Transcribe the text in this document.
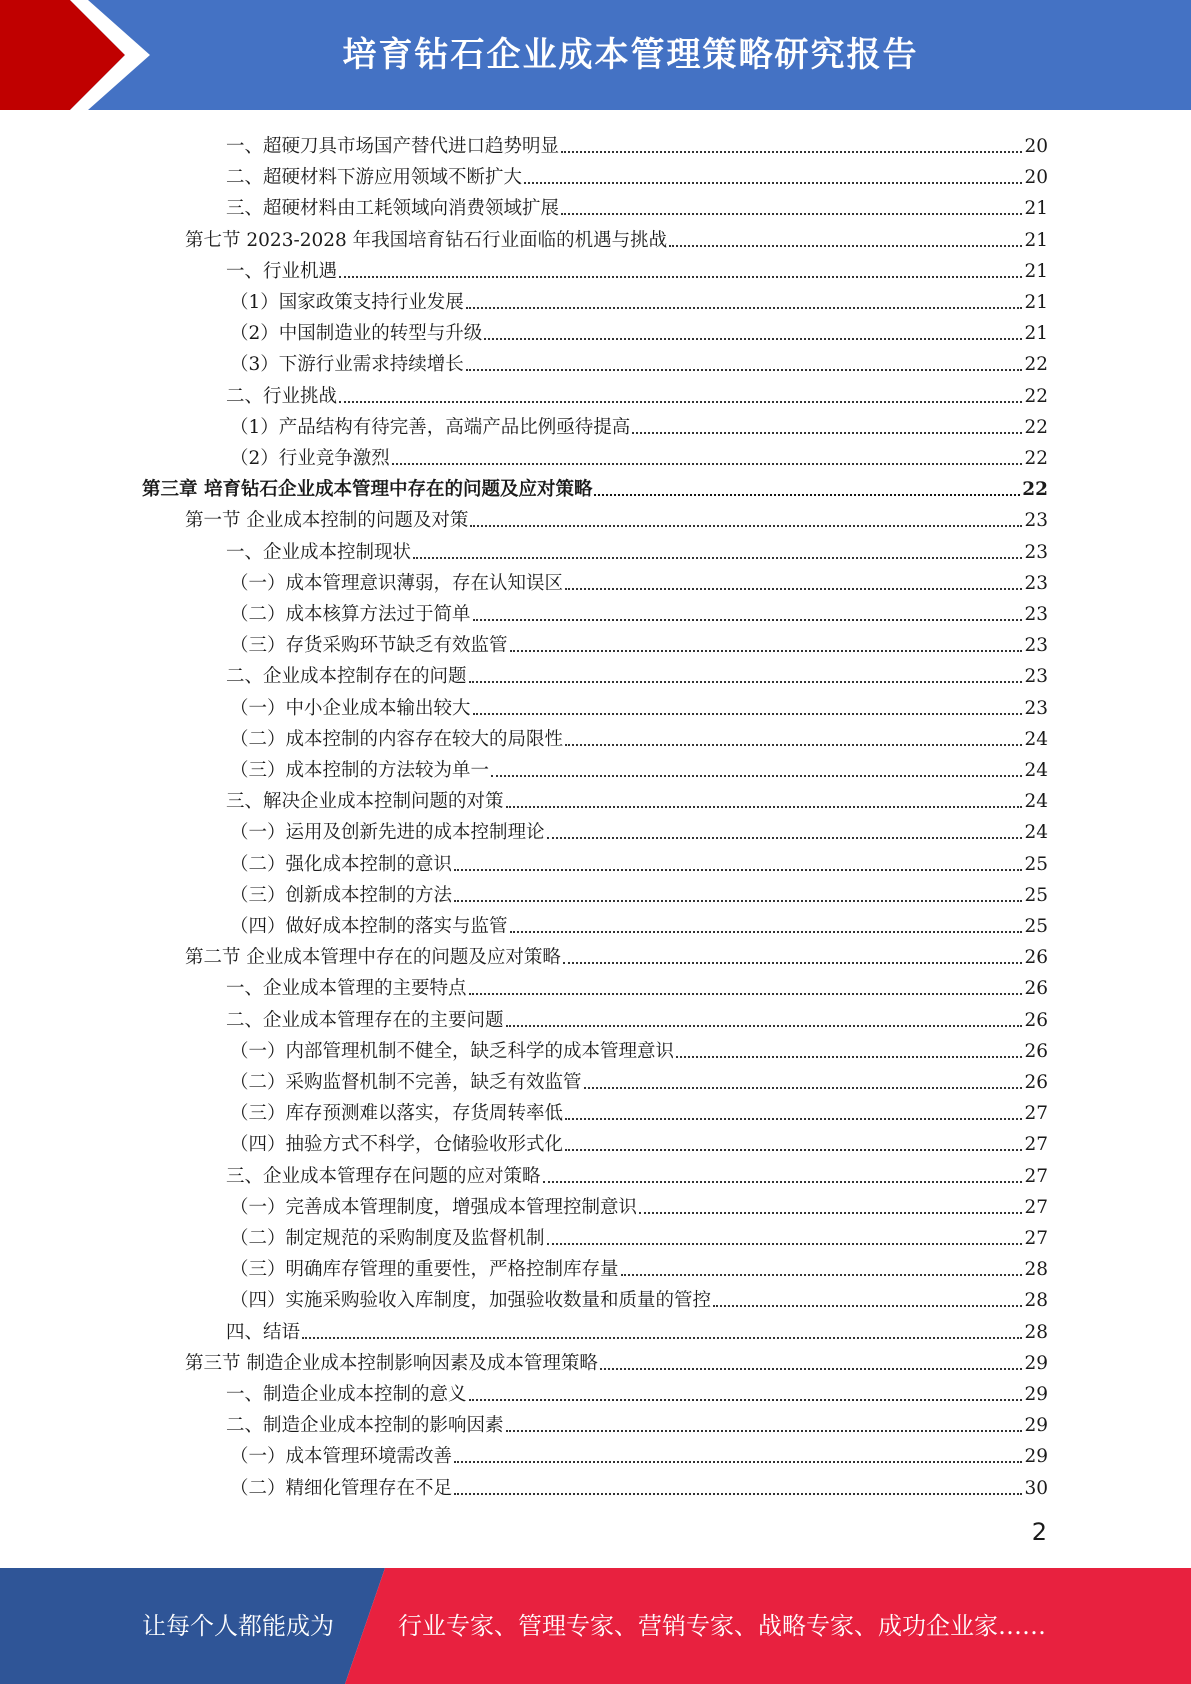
培育钻石企业成本管理策略研究报告
一、超硬刀具市场国产替代进口趋势明显	20
二、超硬材料下游应用领域不断扩大	20
三、超硬材料由工耗领域向消费领域扩展	21
第七节 2023-2028 年我国培育钻石行业面临的机遇与挑战	21
一、行业机遇	21
（1）国家政策支持行业发展	21
（2）中国制造业的转型与升级	21
（3）下游行业需求持续增长	22
二、行业挑战	22
（1）产品结构有待完善，高端产品比例亟待提高	22
（2）行业竞争激烈	22
第三章 培育钻石企业成本管理中存在的问题及应对策略	22
第一节 企业成本控制的问题及对策	23
一、企业成本控制现状	23
（一）成本管理意识薄弱，存在认知误区	23
（二）成本核算方法过于简单	23
（三）存货采购环节缺乏有效监管	23
二、企业成本控制存在的问题	23
（一）中小企业成本输出较大	23
（二）成本控制的内容存在较大的局限性	24
（三）成本控制的方法较为单一	24
三、解决企业成本控制问题的对策	24
（一）运用及创新先进的成本控制理论	24
（二）强化成本控制的意识	25
（三）创新成本控制的方法	25
（四）做好成本控制的落实与监管	25
第二节 企业成本管理中存在的问题及应对策略	26
一、企业成本管理的主要特点	26
二、企业成本管理存在的主要问题	26
（一）内部管理机制不健全，缺乏科学的成本管理意识	26
（二）采购监督机制不完善，缺乏有效监管	26
（三）库存预测难以落实，存货周转率低	27
（四）抽验方式不科学，仓储验收形式化	27
三、企业成本管理存在问题的应对策略	27
（一）完善成本管理制度，增强成本管理控制意识	27
（二）制定规范的采购制度及监督机制	27
（三）明确库存管理的重要性，严格控制库存量	28
（四）实施采购验收入库制度，加强验收数量和质量的管控	28
四、结语	28
第三节 制造企业成本控制影响因素及成本管理策略	29
一、制造企业成本控制的意义	29
二、制造企业成本控制的影响因素	29
（一）成本管理环境需改善	29
（二）精细化管理存在不足	30
2
让每个人都能成为	行业专家、管理专家、营销专家、战略专家、成功企业家……
